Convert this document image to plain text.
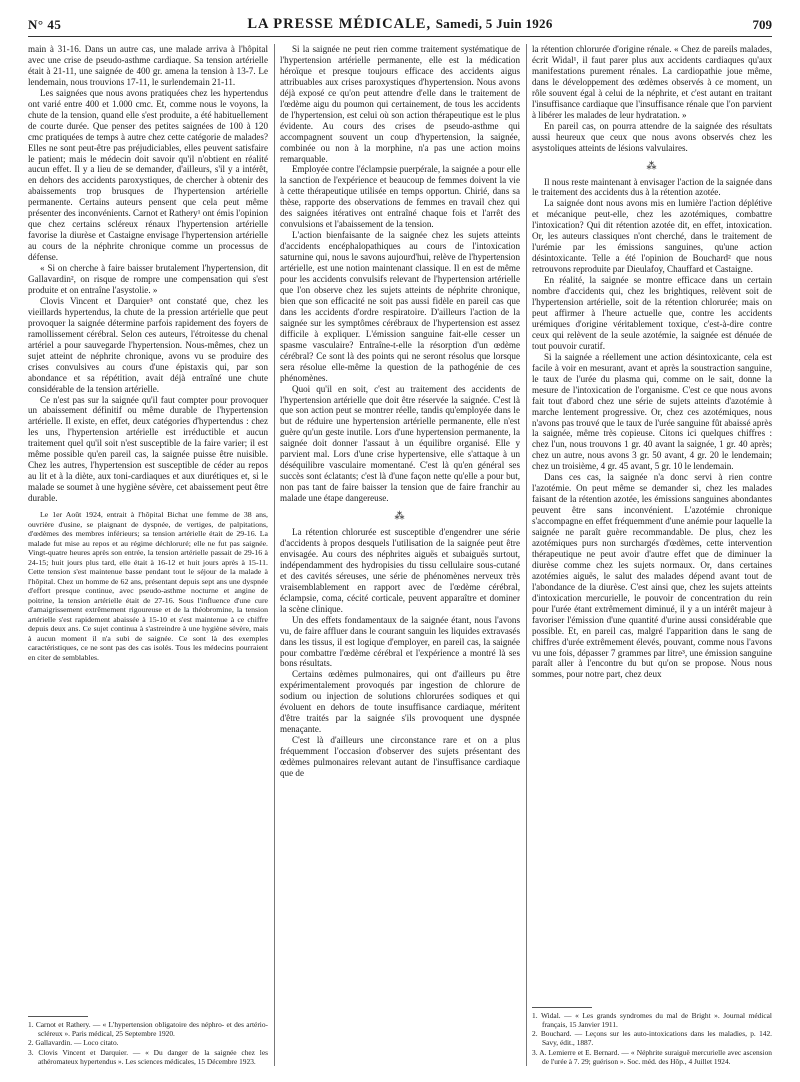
N° 45	LA PRESSE MÉDICALE, Samedi, 5 Juin 1926	709

main à 31-16. Dans un autre cas, une malade arriva à l'hôpital avec une crise de pseudo-asthme cardiaque. Sa tension artérielle était à 21-11, une saignée de 400 gr. amena la tension à 13-7. Le lendemain, nous trouvions 17-11, le surlendemain 21-11.

Les saignées que nous avons pratiquées chez les hypertendus ont varié entre 400 et 1.000 cmc. Et, comme nous le voyons, la chute de la tension, quand elle s'est produite, a été habituellement de courte durée. Que penser des petites saignées de 100 à 120 cmc pratiquées de temps à autre chez cette catégorie de malades? Elles ne sont peut-être pas préjudiciables, elles peuvent satisfaire le patient; mais le médecin doit savoir qu'il n'obtient en réalité aucun effet. Il y a lieu de se demander, d'ailleurs, s'il y a intérêt, en dehors des accidents paroxystiques, de chercher à obtenir des abaissements trop brusques de l'hypertension artérielle permanente. Certains auteurs pensent que cela peut même présenter des inconvénients. Carnot et Rathery¹ ont émis l'opinion que chez certains scléreux rénaux l'hypertension artérielle favorise la diurèse et Castaigne envisage l'hypertension artérielle au cours de la néphrite chronique comme un processus de défense.

« Si on cherche à faire baisser brutalement l'hypertension, dit Gallavardin², on risque de rompre une compensation qui s'est produite et on entraîne l'asystolie. »

Clovis Vincent et Darquier³ ont constaté que, chez les vieillards hypertendus, la chute de la pression artérielle que peut provoquer la saignée détermine parfois rapidement des foyers de ramollissement cérébral. Selon ces auteurs, l'étroitesse du chenal artériel a pour sauvegarde l'hypertension. Nous-mêmes, chez un sujet atteint de néphrite chronique, avons vu se produire des crises convulsives au cours d'une épistaxis qui, par son abondance et sa répétition, avait déjà entraîné une chute considérable de la tension artérielle.

Ce n'est pas sur la saignée qu'il faut compter pour provoquer un abaissement définitif ou même durable de l'hypertension artérielle. Il existe, en effet, deux catégories d'hypertendus : chez les uns, l'hypertension artérielle est irréductible et aucun traitement quel qu'il soit n'est susceptible de la faire varier; il est même possible qu'en pareil cas, la saignée puisse être nuisible. Chez les autres, l'hypertension est susceptible de céder au repos au lit et à la diète, aux toni-cardiaques et aux diurétiques et, si le malade se soumet à une hygiène sévère, cet abaissement peut être durable.

Le 1er Août 1924, entrait à l'hôpital Bichat une femme de 38 ans, ouvrière d'usine, se plaignant de dyspnée, de vertiges, de palpitations, d'œdèmes des membres inférieurs; sa tension artérielle était de 29-16. La malade fut mise au repos et au régime déchloruré; elle ne fut pas saignée. Vingt-quatre heures après son entrée, la tension artérielle passait de 29-16 à 24-15; huit jours plus tard, elle était à 16-12 et huit jours après à 15-11. Cette tension s'est maintenue basse pendant tout le séjour de la malade à l'hôpital. Chez un homme de 62 ans, présentant depuis sept ans une dyspnée d'effort presque continue, avec pseudo-asthme nocturne et angine de poitrine, la tension artérielle était de 27-16. Sous l'influence d'une cure d'amaigrissement extrêmement rigoureuse et de la théobromine, la tension artérielle s'est rapidement abaissée à 15-10 et s'est maintenue à ce chiffre depuis deux ans. Ce sujet continua à s'astreindre à une hygiène sévère, mais à aucun moment il n'a subi de saignée. Ce sont là des exemples caractéristiques, ce ne sont pas des cas isolés. Tous les médecins pourraient en citer de semblables.

1. Carnot et Rathery. — « L'hypertension obligatoire des néphro- et des artério-scléreux ». Paris médical, 25 Septembre 1920.

2. Gallavardin. — Loco citato.

3. Clovis Vincent et Darquier. — « Du danger de la saignée chez les athéromateux hypertendus ». Les sciences médicales, 15 Décembre 1923.

Si la saignée ne peut rien comme traitement systématique de l'hypertension artérielle permanente, elle est la médication héroïque et presque toujours efficace des accidents aigus attribuables aux crises paroxystiques d'hypertension. Nous avons déjà exposé ce qu'on peut attendre d'elle dans le traitement de l'œdème aigu du poumon qui certainement, de tous les accidents de l'hypertension, est celui où son action thérapeutique est le plus évidente. Au cours des crises de pseudo-asthme qui accompagnent souvent un coup d'hypertension, la saignée, combinée ou non à la morphine, n'a pas une action moins remarquable.

Employée contre l'éclampsie puerpérale, la saignée a pour elle la sanction de l'expérience et beaucoup de femmes doivent la vie à cette thérapeutique utilisée en temps opportun. Chirié, dans sa thèse, rapporte des observations de femmes en travail chez qui des saignées itératives ont entraîné chaque fois et l'arrêt des convulsions et l'abaissement de la tension.

L'action bienfaisante de la saignée chez les sujets atteints d'accidents encéphalopathiques au cours de l'intoxication saturnine qui, nous le savons aujourd'hui, relève de l'hypertension artérielle, est une notion maintenant classique. Il en est de même pour les accidents convulsifs relevant de l'hypertension artérielle que l'on observe chez les sujets atteints de néphrite chronique, bien que son efficacité ne soit pas aussi fidèle en pareil cas que dans les accidents d'ordre respiratoire. D'ailleurs l'action de la saignée sur les symptômes cérébraux de l'hypertension est assez difficile à expliquer. L'émission sanguine fait-elle cesser un spasme vasculaire? Entraîne-t-elle la résorption d'un œdème cérébral? Ce sont là des points qui ne seront résolus que lorsque sera résolue elle-même la question de la pathogénie de ces phénomènes.

Quoi qu'il en soit, c'est au traitement des accidents de l'hypertension artérielle que doit être réservée la saignée. C'est là que son action peut se montrer réelle, tandis qu'employée dans le but de réduire une hypertension artérielle permanente, elle n'est guère qu'un geste inutile. Lors d'une hypertension permanente, la saignée doit donner l'assaut à un équilibre organisé. Elle y parvient mal. Lors d'une crise hypertensive, elle s'attaque à un déséquilibre vasculaire momentané. C'est là qu'en général ses succès sont éclatants; c'est là d'une façon nette qu'elle a pour but, non pas tant de faire baisser la tension que de faire franchir au malade une étape dangereuse.

⁂

La rétention chlorurée est susceptible d'engendrer une série d'accidents à propos desquels l'utilisation de la saignée peut être envisagée. Au cours des néphrites aiguës et subaiguës surtout, indépendamment des hydropisies du tissu cellulaire sous-cutané et des cavités séreuses, une série de phénomènes nerveux très vraisemblablement en rapport avec de l'œdème cérébral, éclampsie, coma, cécité corticale, peuvent apparaître et dominer la scène clinique.

Un des effets fondamentaux de la saignée étant, nous l'avons vu, de faire affluer dans le courant sanguin les liquides extravasés dans les tissus, il est logique d'employer, en pareil cas, la saignée pour combattre l'œdème cérébral et l'expérience a montré là ses bons résultats.

Certains œdèmes pulmonaires, qui ont d'ailleurs pu être expérimentalement provoqués par ingestion de chlorure de sodium ou injection de solutions chlorurées sodiques et qui évoluent en dehors de toute insuffisance cardiaque, méritent d'être traités par la saignée s'ils provoquent une dyspnée menaçante.

C'est là d'ailleurs une circonstance rare et on a plus fréquemment l'occasion d'observer des sujets présentant des œdèmes pulmonaires relevant autant de l'insuffisance cardiaque que de

la rétention chlorurée d'origine rénale. « Chez de pareils malades, écrit Widal¹, il faut parer plus aux accidents cardiaques qu'aux manifestations purement rénales. La cardiopathie joue même, dans le développement des œdèmes observés à ce moment, un rôle souvent égal à celui de la néphrite, et c'est autant en traitant l'insuffisance cardiaque que l'insuffisance rénale que l'on parvient à libérer les malades de leur hydratation. »

En pareil cas, on pourra attendre de la saignée des résultats aussi heureux que ceux que nous avons observés chez les asystoliques atteints de lésions valvulaires.

⁂

Il nous reste maintenant à envisager l'action de la saignée dans le traitement des accidents dus à la rétention azotée.

La saignée dont nous avons mis en lumière l'action déplétive et mécanique peut-elle, chez les azotémiques, combattre l'intoxication? Qui dit rétention azotée dit, en effet, intoxication. Or, les auteurs classiques n'ont cherché, dans le traitement de l'urémie par les émissions sanguines, qu'une action désintoxicante. Telle a été l'opinion de Bouchard² que nous retrouvons reproduite par Dieulafoy, Chauffard et Castaigne.

En réalité, la saignée se montre efficace dans un certain nombre d'accidents qui, chez les brightiques, relèvent soit de l'hypertension artérielle, soit de la rétention chlorurée; mais on peut affirmer à l'heure actuelle que, contre les accidents urémiques d'origine véritablement toxique, c'est-à-dire contre ceux qui relèvent de la seule azotémie, la saignée est dénuée de tout pouvoir curatif.

Si la saignée a réellement une action désintoxicante, cela est facile à voir en mesurant, avant et après la soustraction sanguine, le taux de l'urée du plasma qui, comme on le sait, donne la mesure de l'intoxication de l'organisme. C'est ce que nous avons fait tout d'abord chez une série de sujets atteints d'azotémie à marche lentement progressive. Or, chez ces azotémiques, nous n'avons pas trouvé que le taux de l'urée sanguine fût abaissé après la saignée, même très copieuse. Citons ici quelques chiffres : chez l'un, nous trouvons 1 gr. 40 avant la saignée, 1 gr. 40 après; chez un autre, nous avons 3 gr. 50 avant, 4 gr. 20 le lendemain; chez un troisième, 4 gr. 45 avant, 5 gr. 10 le lendemain.

Dans ces cas, la saignée n'a donc servi à rien contre l'azotémie. On peut même se demander si, chez les malades faisant de la rétention azotée, les émissions sanguines abondantes peuvent être sans inconvénient. L'azotémie chronique s'accompagne en effet fréquemment d'une anémie pour laquelle la saignée ne paraît guère recommandable. De plus, chez les azotémiques purs non surchargés d'œdèmes, cette intervention thérapeutique ne peut avoir d'autre effet que de diminuer la diurèse comme chez les sujets normaux. Or, dans certaines azotémies aiguës, le salut des malades dépend avant tout de l'abondance de la diurèse. C'est ainsi que, chez les sujets atteints d'intoxication mercurielle, le pouvoir de concentration du rein pour l'urée étant extrêmement diminué, il y a un intérêt majeur à favoriser l'émission d'une quantité d'urine aussi considérable que possible. Et, en pareil cas, malgré l'apparition dans le sang de chiffres d'urée extrêmement élevés, pouvant, comme nous l'avons vu une fois, dépasser 7 grammes par litre³, une émission sanguine paraît aller à l'encontre du but qu'on se propose. Nous nous sommes, pour notre part, chez deux

1. Widal. — « Les grands syndromes du mal de Bright ». Journal médical français, 15 Janvier 1911.

2. Bouchard. — Leçons sur les auto-intoxications dans les maladies, p. 142. Savy, édit., 1887.

3. A. Lemierre et E. Bernard. — « Néphrite suraiguë mercurielle avec ascension de l'urée à 7. 29; guérison ». Soc. méd. des Hôp., 4 Juillet 1924.
